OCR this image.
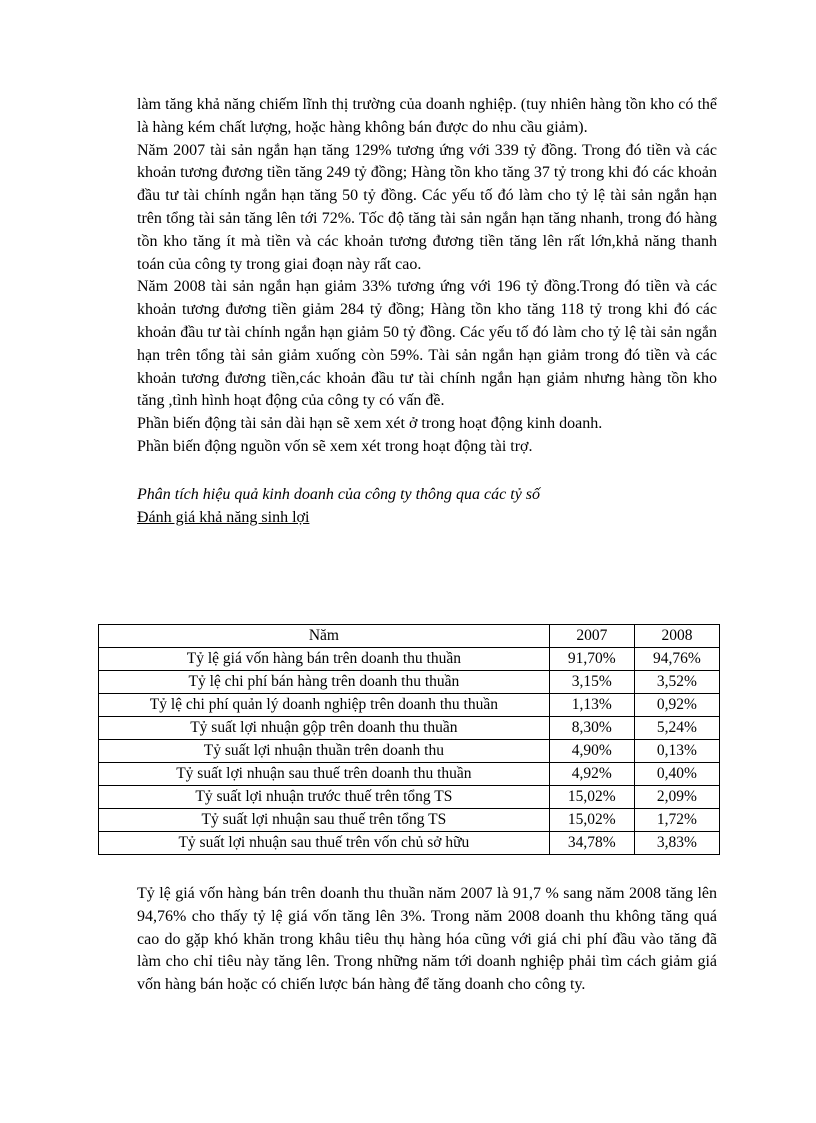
làm tăng khả năng chiếm lĩnh thị trường của doanh nghiệp. (tuy nhiên hàng tồn kho có thể  là hàng kém chất lượng, hoặc hàng không bán được do nhu cầu giảm).

Năm 2007 tài sản ngắn hạn tăng 129% tương ứng với 339 tỷ đồng. Trong đó tiền và các khoản tương đương tiền tăng 249 tỷ đồng; Hàng tồn kho tăng 37 tỷ trong khi đó các khoản đầu tư tài chính ngắn hạn tăng 50 tỷ đồng. Các yếu tố đó làm cho tỷ lệ tài sản ngắn hạn trên tổng tài sản tăng lên tới 72%. Tốc độ tăng tài sản ngắn hạn tăng nhanh, trong đó hàng tồn kho tăng ít mà tiền và các khoản tương đương tiền tăng lên rất lớn,khả năng thanh toán của công ty trong giai đoạn này rất cao.

Năm 2008 tài sản ngắn hạn giảm 33% tương ứng với 196 tỷ đồng.Trong đó tiền và các khoản tương đương tiền giảm 284 tỷ đồng; Hàng tồn kho tăng 118 tỷ trong khi đó các khoản đầu tư tài chính ngắn hạn giảm 50 tỷ đồng. Các yếu tố đó làm cho tỷ lệ tài sản ngắn hạn trên tổng tài sản giảm xuống còn 59%. Tài sản ngắn hạn giảm trong đó tiền và các khoản tương đương tiền,các khoản đầu tư tài chính ngắn hạn giảm nhưng hàng tồn kho tăng ,tình hình hoạt động của công ty có vấn đề.

Phần biến động tài sản dài hạn sẽ xem xét ở trong hoạt động kinh doanh.

Phần biến động nguồn vốn sẽ xem xét trong hoạt động tài trợ.

Phân tích hiệu quả kinh doanh của công ty thông qua các tỷ số

Đánh giá khả năng sinh lợi

Năm	2007	2008
Tỷ lệ giá vốn hàng bán trên doanh thu thuần	91,70%	94,76%
Tỷ lệ chi phí bán hàng trên doanh thu thuần	3,15%	3,52%
Tỷ lệ chi phí quản lý doanh nghiệp trên doanh thu thuần	1,13%	0,92%
Tỷ suất lợi nhuận gộp trên doanh thu thuần	8,30%	5,24%
Tỷ suất lợi nhuận thuần trên doanh thu	4,90%	0,13%
Tỷ suất lợi nhuận sau thuế trên doanh thu thuần	4,92%	0,40%
Tỷ suất lợi nhuận trước thuế trên tổng TS	15,02%	2,09%
Tỷ suất lợi nhuận sau thuế trên tổng TS	15,02%	1,72%
Tỷ suất lợi nhuận sau thuế trên vốn chủ sở hữu	34,78%	3,83%

Tỷ lệ giá vốn hàng bán trên doanh thu thuần năm 2007 là 91,7 % sang năm 2008 tăng lên 94,76% cho thấy tỷ lệ giá vốn tăng lên 3%. Trong năm 2008 doanh thu không tăng quá cao do gặp khó khăn trong khâu tiêu thụ hàng hóa cũng với giá chi phí đầu vào tăng đã làm cho chỉ tiêu này tăng lên. Trong những năm tới doanh nghiệp phải tìm cách giảm giá vốn hàng bán hoặc có chiến lược bán hàng để tăng doanh cho công ty.
